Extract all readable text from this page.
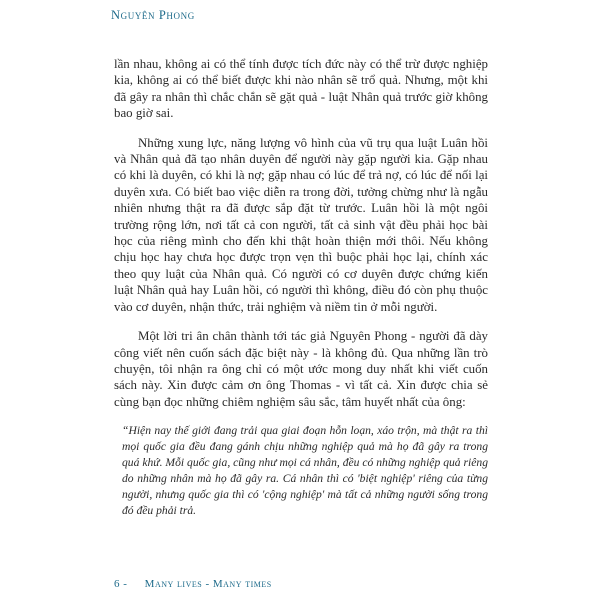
Nguyên Phong

lần nhau, không ai có thể tính được tích đức này có thể trừ được nghiệp kia, không ai có thể biết được khi nào nhân sẽ trổ quả. Nhưng, một khi đã gây ra nhân thì chắc chắn sẽ gặt quả - luật Nhân quả trước giờ không bao giờ sai.

Những xung lực, năng lượng vô hình của vũ trụ qua luật Luân hồi và Nhân quả đã tạo nhân duyên để người này gặp người kia. Gặp nhau có khi là duyên, có khi là nợ; gặp nhau có lúc để trả nợ, có lúc để nối lại duyên xưa. Có biết bao việc diễn ra trong đời, tưởng chừng như là ngẫu nhiên nhưng thật ra đã được sắp đặt từ trước. Luân hồi là một ngôi trường rộng lớn, nơi tất cả con người, tất cả sinh vật đều phải học bài học của riêng mình cho đến khi thật hoàn thiện mới thôi. Nếu không chịu học hay chưa học được trọn vẹn thì buộc phải học lại, chính xác theo quy luật của Nhân quả. Có người có cơ duyên được chứng kiến luật Nhân quả hay Luân hồi, có người thì không, điều đó còn phụ thuộc vào cơ duyên, nhận thức, trải nghiệm và niềm tin ở mỗi người.

Một lời tri ân chân thành tới tác giả Nguyên Phong - người đã dày công viết nên cuốn sách đặc biệt này - là không đủ. Qua những lần trò chuyện, tôi nhận ra ông chỉ có một ước mong duy nhất khi viết cuốn sách này. Xin được cảm ơn ông Thomas - vì tất cả. Xin được chia sẻ cùng bạn đọc những chiêm nghiệm sâu sắc, tâm huyết nhất của ông:

“Hiện nay thế giới đang trải qua giai đoạn hỗn loạn, xáo trộn, mà thật ra thì mọi quốc gia đều đang gánh chịu những nghiệp quả mà họ đã gây ra trong quá khứ. Mỗi quốc gia, cũng như mọi cá nhân, đều có những nghiệp quả riêng do những nhân mà họ đã gây ra. Cá nhân thì có 'biệt nghiệp' riêng của từng người, nhưng quốc gia thì có 'cộng nghiệp' mà tất cả những người sống trong đó đều phải trả.
6 - Many lives - Many times
